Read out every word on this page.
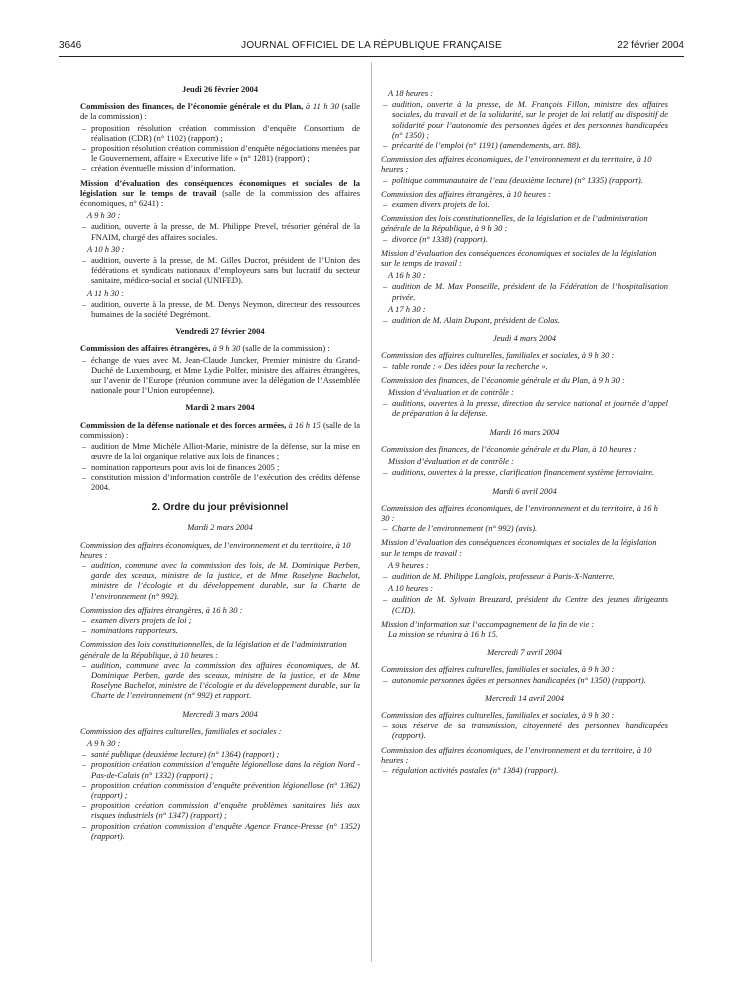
3646	JOURNAL OFFICIEL DE LA RÉPUBLIQUE FRANÇAISE	22 février 2004

Jeudi 26 février 2004

Commission des finances, de l’économie générale et du Plan, à 11 h 30 (salle de la commission) :

– proposition résolution création commission d’enquête Consortium de réalisation (CDR) (n° 1102) (rapport) ;

– proposition résolution création commission d’enquête négociations menées par le Gouvernement, affaire « Executive life » (n° 1281) (rapport) ;

– création éventuelle mission d’information.

Mission d’évaluation des conséquences économiques et sociales de la législation sur le temps de travail (salle de la commission des affaires économiques, n° 6241) :

A 9 h 30 :

– audition, ouverte à la presse, de M. Philippe Prevel, trésorier général de la FNAIM, chargé des affaires sociales.

A 10 h 30 :

– audition, ouverte à la presse, de M. Gilles Ducrot, président de l’Union des fédérations et syndicats nationaux d’employeurs sans but lucratif du secteur sanitaire, médico-social et social (UNIFED).

A 11 h 30 :

– audition, ouverte à la presse, de M. Denys Neymon, directeur des ressources humaines de la société Degrémont.

Vendredi 27 février 2004

Commission des affaires étrangères, à 9 h 30 (salle de la commission) :

– échange de vues avec M. Jean-Claude Juncker, Premier ministre du Grand-Duché de Luxembourg, et Mme Lydie Polfer, ministre des affaires étrangères, sur l’avenir de l’Europe (réunion commune avec la délégation de l’Assemblée nationale pour l’Union européenne).

Mardi 2 mars 2004

Commission de la défense nationale et des forces armées, à 16 h 15 (salle de la commission) :

– audition de Mme Michèle Alliot-Marie, ministre de la défense, sur la mise en œuvre de la loi organique relative aux lois de finances ;

– nomination rapporteurs pour avis loi de finances 2005 ;

– constitution mission d’information contrôle de l’exécution des crédits défense 2004.

2. Ordre du jour prévisionnel

Mardi 2 mars 2004

Commission des affaires économiques, de l’environnement et du territoire, à 10 heures :

– audition, commune avec la commission des lois, de M. Dominique Perben, garde des sceaux, ministre de la justice, et de Mme Roselyne Bachelot, ministre de l’écologie et du développement durable, sur la Charte de l’environnement (n° 992).

Commission des affaires étrangères, à 16 h 30 :

– examen divers projets de loi ;

– nominations rapporteurs.

Commission des lois constitutionnelles, de la législation et de l’administration générale de la République, à 10 heures :

– audition, commune avec la commission des affaires économiques, de M. Dominique Perben, garde des sceaux, ministre de la justice, et de Mme Roselyne Bachelot, ministre de l’écologie et du développement durable, sur la Charte de l’environnement (n° 992) et rapport.

Mercredi 3 mars 2004

Commission des affaires culturelles, familiales et sociales :

A 9 h 30 :

– santé publique (deuxième lecture) (n° 1364) (rapport) ;

– proposition création commission d’enquête légionellose dans la région Nord - Pas-de-Calais (n° 1332) (rapport) ;

– proposition création commission d’enquête prévention légionellose (n° 1362) (rapport) ;

– proposition création commission d’enquête problèmes sanitaires liés aux risques industriels (n° 1347) (rapport) ;

– proposition création commission d’enquête Agence France-Presse (n° 1352) (rapport).

A 18 heures :

– audition, ouverte à la presse, de M. François Fillon, ministre des affaires sociales, du travail et de la solidarité, sur le projet de loi relatif au dispositif de solidarité pour l’autonomie des personnes âgées et des personnes handicapées (n° 1350) ;

– précarité de l’emploi (n° 1191) (amendements, art. 88).

Commission des affaires économiques, de l’environnement et du territoire, à 10 heures :

– politique communautaire de l’eau (deuxième lecture) (n° 1335) (rapport).

Commission des affaires étrangères, à 10 heures :

– examen divers projets de loi.

Commission des lois constitutionnelles, de la législation et de l’administration générale de la République, à 9 h 30 :

– divorce (n° 1338) (rapport).

Mission d’évaluation des conséquences économiques et sociales de la législation sur le temps de travail :

A 16 h 30 :

– audition de M. Max Ponseille, président de la Fédération de l’hospitalisation privée.

A 17 h 30 :

– audition de M. Alain Dupont, président de Colas.

Jeudi 4 mars 2004

Commission des affaires culturelles, familiales et sociales, à 9 h 30 :

– table ronde : « Des idées pour la recherche ».

Commission des finances, de l’économie générale et du Plan, à 9 h 30 :

Mission d’évaluation et de contrôle :

– auditions, ouvertes à la presse, direction du service national et journée d’appel de préparation à la défense.

Mardi 16 mars 2004

Commission des finances, de l’économie générale et du Plan, à 10 heures :

Mission d’évaluation et de contrôle :

– auditions, ouvertes à la presse, clarification financement système ferroviaire.

Mardi 6 avril 2004

Commission des affaires économiques, de l’environnement et du territoire, à 16 h 30 :

– Charte de l’environnement (n° 992) (avis).

Mission d’évaluation des conséquences économiques et sociales de la législation sur le temps de travail :

A 9 heures :

– audition de M. Philippe Langlois, professeur à Paris-X-Nanterre.

A 10 heures :

– audition de M. Sylvain Breuzard, président du Centre des jeunes dirigeants (CJD).

Mission d’information sur l’accompagnement de la fin de vie :

La mission se réunira à 16 h 15.

Mercredi 7 avril 2004

Commission des affaires culturelles, familiales et sociales, à 9 h 30 :

– autonomie personnes âgées et personnes handicapées (n° 1350) (rapport).

Mercredi 14 avril 2004

Commission des affaires culturelles, familiales et sociales, à 9 h 30 :

– sous réserve de sa transmission, citoyenneté des personnes handicapées (rapport).

Commission des affaires économiques, de l’environnement et du territoire, à 10 heures :

– régulation activités postales (n° 1384) (rapport).
